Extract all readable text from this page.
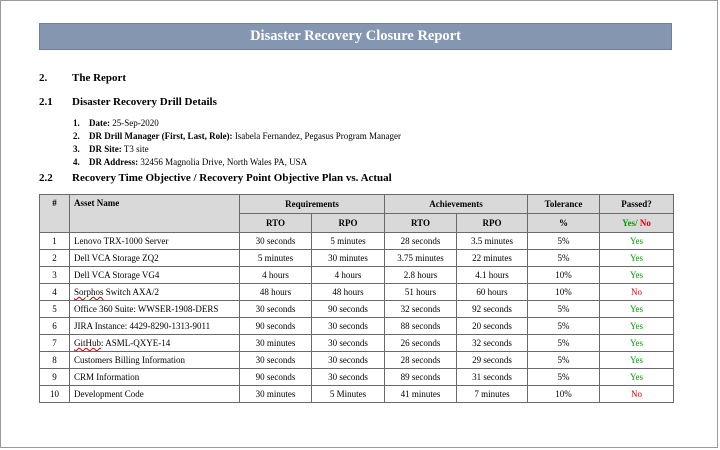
Disaster Recovery Closure Report
2. The Report
2.1 Disaster Recovery Drill Details
1. Date: 25-Sep-2020
2. DR Drill Manager (First, Last, Role): Isabela Fernandez, Pegasus Program Manager
3. DR Site: T3 site
4. DR Address: 32456 Magnolia Drive, North Wales PA, USA
2.2 Recovery Time Objective / Recovery Point Objective Plan vs. Actual
#	Asset Name	Requirements		Achievements		Tolerance	Passed?
		RTO	RPO	RTO	RPO	%	Yes/ No
1	Lenovo TRX-1000 Server	30 seconds	5 minutes	28 seconds	3.5 minutes	5%	Yes
2	Dell VCA Storage ZQ2	5 minutes	30 minutes	3.75 minutes	22 minutes	5%	Yes
3	Dell VCA Storage VG4	4 hours	4 hours	2.8 hours	4.1 hours	10%	Yes
4	Sorphos Switch AXA/2	48 hours	48 hours	51 hours	60 hours	10%	No
5	Office 360 Suite: WWSER-1908-DERS	30 seconds	90 seconds	32 seconds	92 seconds	5%	Yes
6	JIRA Instance: 4429-8290-1313-9011	90 seconds	30 seconds	88 seconds	20 seconds	5%	Yes
7	GitHub: ASML-QXYE-14	30 minutes	30 seconds	26 seconds	32 seconds	5%	Yes
8	Customers Billing Information	30 seconds	30 seconds	28 seconds	29 seconds	5%	Yes
9	CRM Information	90 seconds	30 seconds	89 seconds	31 seconds	5%	Yes
10	Development Code	30 minutes	5 Minutes	41 minutes	7 minutes	10%	No
